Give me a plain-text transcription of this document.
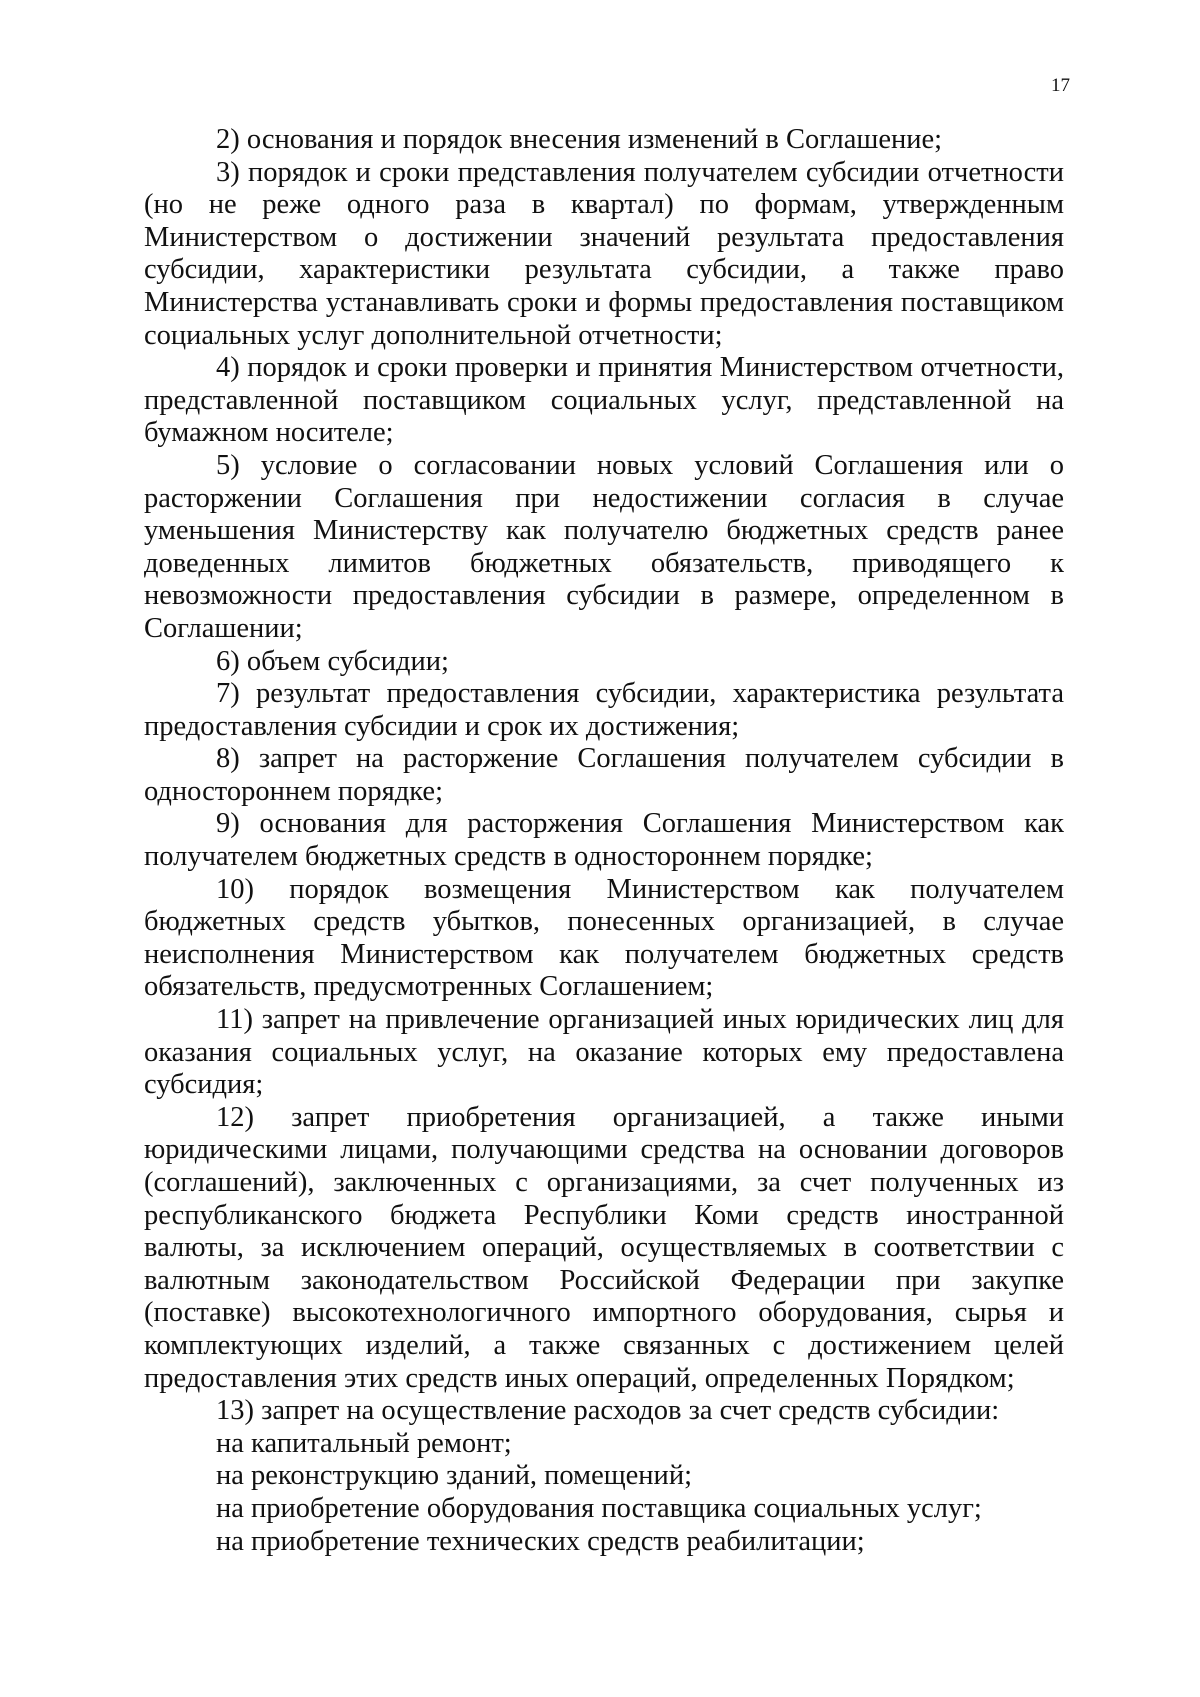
17

2) основания и порядок внесения изменений в Соглашение;

3) порядок и сроки представления получателем субсидии отчетности (но не реже одного раза в квартал) по формам, утвержденным Министерством о достижении значений результата предоставления субсидии, характеристики результата субсидии, а также право Министерства устанавливать сроки и формы предоставления поставщиком социальных услуг дополнительной отчетности;

4) порядок и сроки проверки и принятия Министерством отчетности, представленной поставщиком социальных услуг, представленной на бумажном носителе;

5) условие о согласовании новых условий Соглашения или о расторжении Соглашения при недостижении согласия в случае уменьшения Министерству как получателю бюджетных средств ранее доведенных лимитов бюджетных обязательств, приводящего к невозможности предоставления субсидии в размере, определенном в Соглашении;

6) объем субсидии;

7) результат предоставления субсидии, характеристика результата предоставления субсидии и срок их достижения;

8) запрет на расторжение Соглашения получателем субсидии в одностороннем порядке;

9) основания для расторжения Соглашения Министерством как получателем бюджетных средств в одностороннем порядке;

10) порядок возмещения Министерством как получателем бюджетных средств убытков, понесенных организацией, в случае неисполнения Министерством как получателем бюджетных средств обязательств, предусмотренных Соглашением;

11) запрет на привлечение организацией иных юридических лиц для оказания социальных услуг, на оказание которых ему предоставлена субсидия;

12) запрет приобретения организацией, а также иными юридическими лицами, получающими средства на основании договоров (соглашений), заключенных с организациями, за счет полученных из республиканского бюджета Республики Коми средств иностранной валюты, за исключением операций, осуществляемых в соответствии с валютным законодательством Российской Федерации при закупке (поставке) высокотехнологичного импортного оборудования, сырья и комплектующих изделий, а также связанных с достижением целей предоставления этих средств иных операций, определенных Порядком;

13) запрет на осуществление расходов за счет средств субсидии:

на капитальный ремонт;

на реконструкцию зданий, помещений;

на приобретение оборудования поставщика социальных услуг;

на приобретение технических средств реабилитации;
